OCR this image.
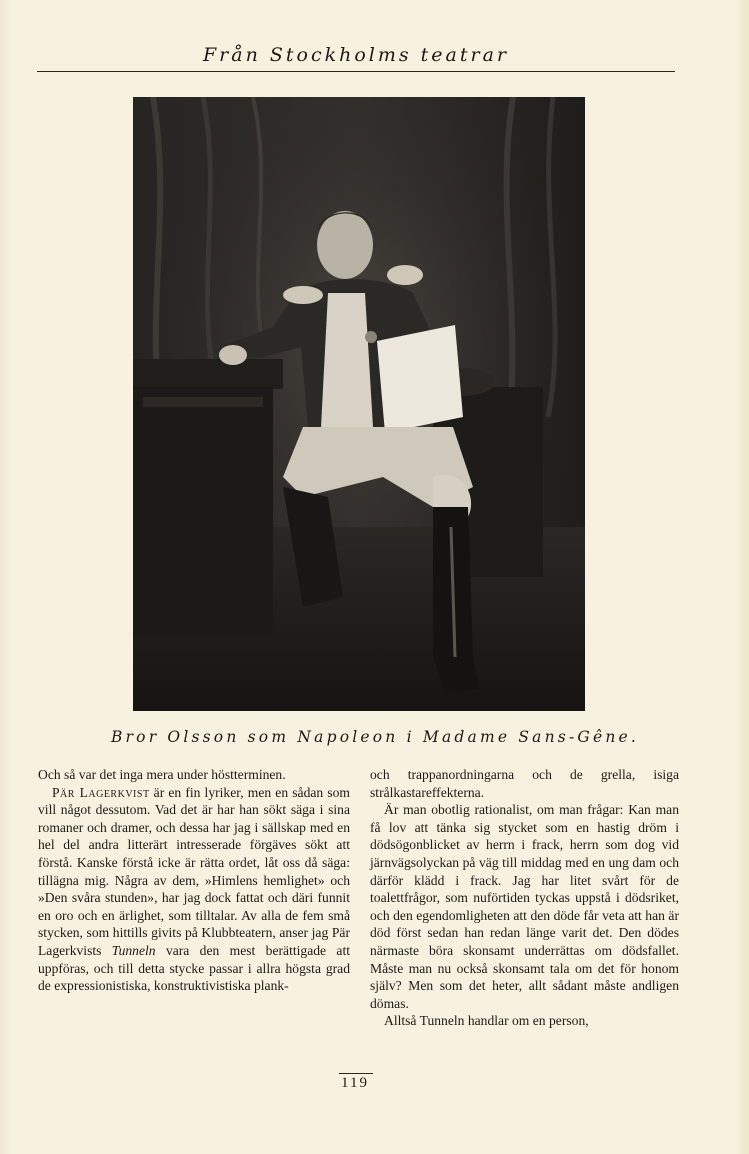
Från Stockholms teatrar
Bror Olsson som Napoleon i Madame Sans-Gêne.

Och så var det inga mera under höstterminen.

Pär Lagerkvist är en fin lyriker, men en sådan som vill något dessutom. Vad det är har han sökt säga i sina romaner och dramer, och dessa har jag i sällskap med en hel del andra litterärt intresserade förgäves sökt att förstå. Kanske förstå icke är rätta ordet, låt oss då säga: tillägna mig. Några av dem, »Himlens hemlighet» och »Den svåra stunden», har jag dock fattat och däri funnit en oro och en ärlighet, som tilltalar. Av alla de fem små stycken, som hittills givits på Klubbteatern, anser jag Pär Lagerkvists Tunneln vara den mest berättigade att uppföras, och till detta stycke passar i allra högsta grad de expressionistiska, konstruktivistiska plank-

och trappanordningarna och de grella, isiga strålkastareffekterna.

Är man obotlig rationalist, om man frågar: Kan man få lov att tänka sig stycket som en hastig dröm i dödsögonblicket av herrn i frack, herrn som dog vid järnvägsolyckan på väg till middag med en ung dam och därför klädd i frack. Jag har litet svårt för de toalettfrågor, som nuförtiden tyckas uppstå i dödsriket, och den egendomligheten att den döde får veta att han är död först sedan han redan länge varit det. Den dödes närmaste böra skonsamt underrättas om dödsfallet. Måste man nu också skonsamt tala om det för honom själv? Men som det heter, allt sådant måste andligen dömas.

Alltså Tunneln handlar om en person,

119
